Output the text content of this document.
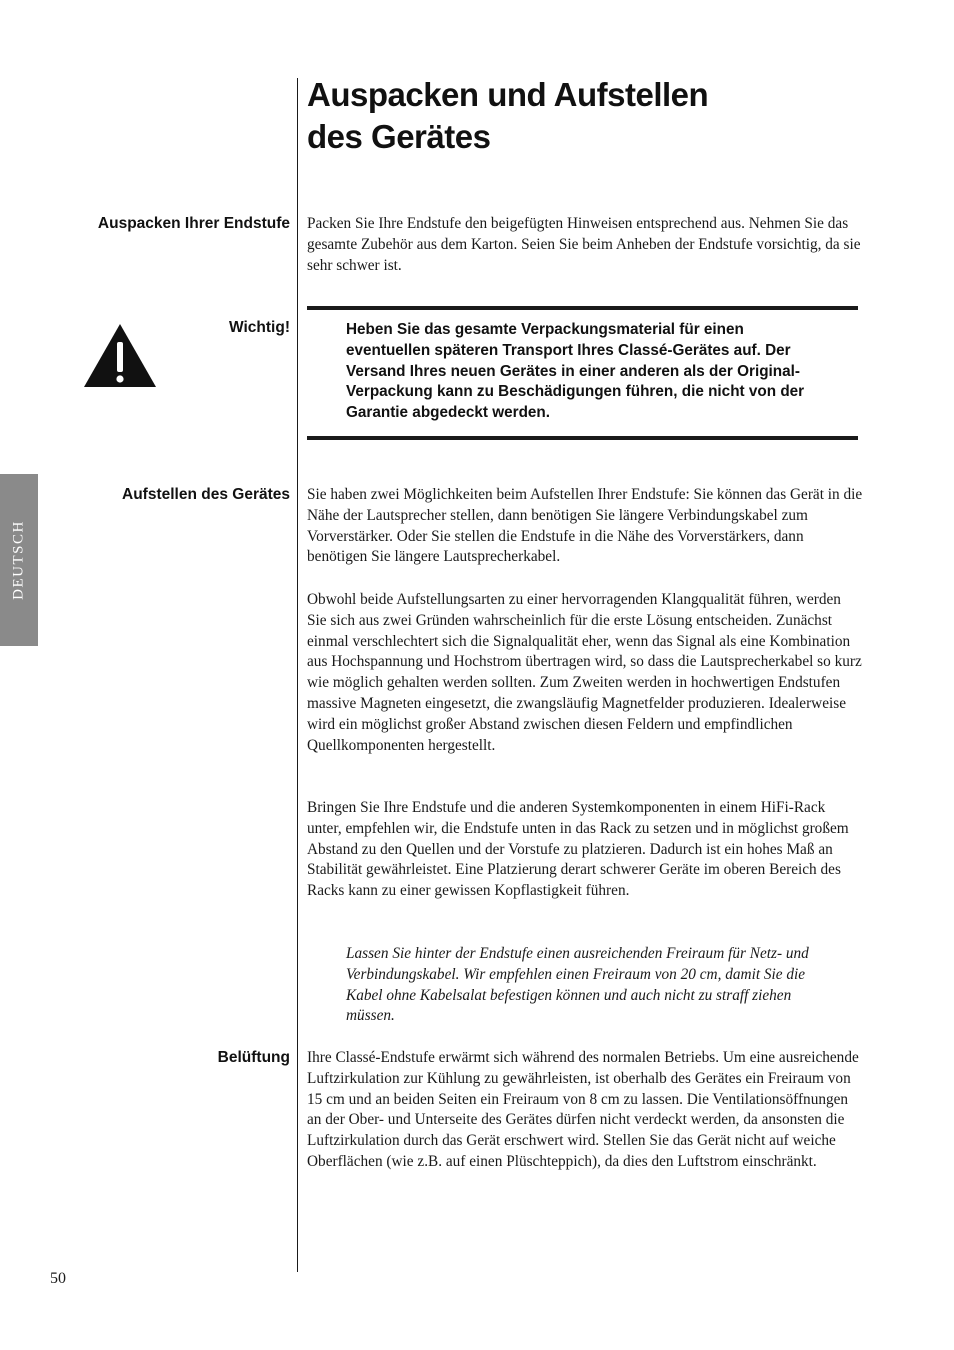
Auspacken und Aufstellen
des Gerätes
Auspacken Ihrer Endstufe Packen Sie Ihre Endstufe den beigefügten Hinweisen entsprechend aus. Nehmen Sie das gesamte Zubehör aus dem Karton. Seien Sie beim Anheben der Endstufe vorsichtig, da sie sehr schwer ist.

Wichtig!	Heben Sie das gesamte Verpackungsmaterial für einen eventuellen späteren Transport Ihres Classé-Gerätes auf. Der Versand Ihres neuen Gerätes in einer anderen als der Original-Verpackung kann zu Beschädigungen führen, die nicht von der Garantie abgedeckt werden.

DEUTSCH
Aufstellen des Gerätes Sie haben zwei Möglichkeiten beim Aufstellen Ihrer Endstufe: Sie können das Gerät in die Nähe der Lautsprecher stellen, dann benötigen Sie längere Verbindungskabel zum Vorverstärker. Oder Sie stellen die Endstufe in die Nähe des Vorverstärkers, dann benötigen Sie längere Lautsprecherkabel.

Obwohl beide Aufstellungsarten zu einer hervorragenden Klangqualität führen, werden Sie sich aus zwei Gründen wahrscheinlich für die erste Lösung entscheiden. Zunächst einmal verschlechtert sich die Signalqualität eher, wenn das Signal als eine Kombination aus Hochspannung und Hochstrom übertragen wird, so dass die Lautsprecherkabel so kurz wie möglich gehalten werden sollten. Zum Zweiten werden in hochwertigen Endstufen massive Magneten eingesetzt, die zwangsläufig Magnetfelder produzieren. Idealerweise wird ein möglichst großer Abstand zwischen diesen Feldern und empfindlichen Quellkomponenten hergestellt.

Bringen Sie Ihre Endstufe und die anderen Systemkomponenten in einem HiFi-Rack unter, empfehlen wir, die Endstufe unten in das Rack zu setzen und in möglichst großem Abstand zu den Quellen und der Vorstufe zu platzieren. Dadurch ist ein hohes Maß an Stabilität gewährleistet. Eine Platzierung derart schwerer Geräte im oberen Bereich des Racks kann zu einer gewissen Kopflastigkeit führen.

Lassen Sie hinter der Endstufe einen ausreichenden Freiraum für Netz- und Verbindungskabel. Wir empfehlen einen Freiraum von 20 cm, damit Sie die Kabel ohne Kabelsalat befestigen können und auch nicht zu straff ziehen müssen.

Belüftung Ihre Classé-Endstufe erwärmt sich während des normalen Betriebs. Um eine ausreichende Luftzirkulation zur Kühlung zu gewährleisten, ist oberhalb des Gerätes ein Freiraum von 15 cm und an beiden Seiten ein Freiraum von 8 cm zu lassen. Die Ventilationsöffnungen an der Ober- und Unterseite des Gerätes dürfen nicht verdeckt werden, da ansonsten die Luftzirkulation durch das Gerät erschwert wird. Stellen Sie das Gerät nicht auf weiche Oberflächen (wie z.B. auf einen Plüschteppich), da dies den Luftstrom einschränkt.

50
